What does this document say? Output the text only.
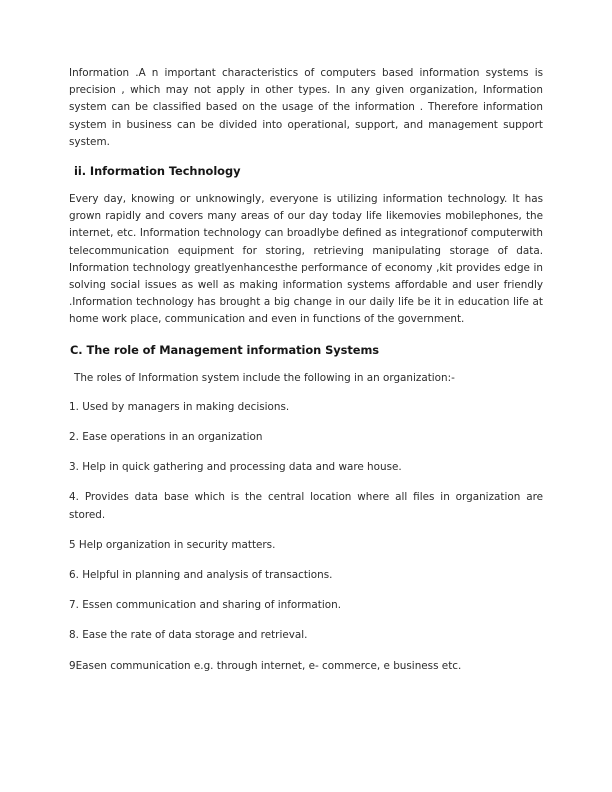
Information .A n important characteristics of computers based information systems is precision , which may not apply in other types. In any given organization, Information system can be classified based on the usage of the information . Therefore information system in business can be divided into operational, support, and management support system.

ii. Information Technology

Every day, knowing or unknowingly, everyone is utilizing information technology. It has grown rapidly and covers many areas of our day today life likemovies mobilephones, the internet, etc. Information technology can broadlybe defined as integrationof computerwith telecommunication equipment for storing, retrieving manipulating storage of data. Information technology greatlyenhancesthe performance of economy ,kit provides edge in solving social issues as well as making information systems affordable and user friendly .Information technology has brought a big change in our daily life be it in education life at home work place, communication and even in functions of the government.

C. The role of Management information Systems

The roles of Information system include the following in an organization:-

1. Used by managers in making decisions.
2. Ease operations in an organization
3. Help in quick gathering and processing data and ware house.
4. Provides data base which is the central location where all files in organization are stored.
5 Help organization in security matters.
6. Helpful in planning and analysis of transactions.
7. Essen communication and sharing of information.
8. Ease the rate of data storage and retrieval.
9Easen communication e.g. through internet, e- commerce, e business etc.
